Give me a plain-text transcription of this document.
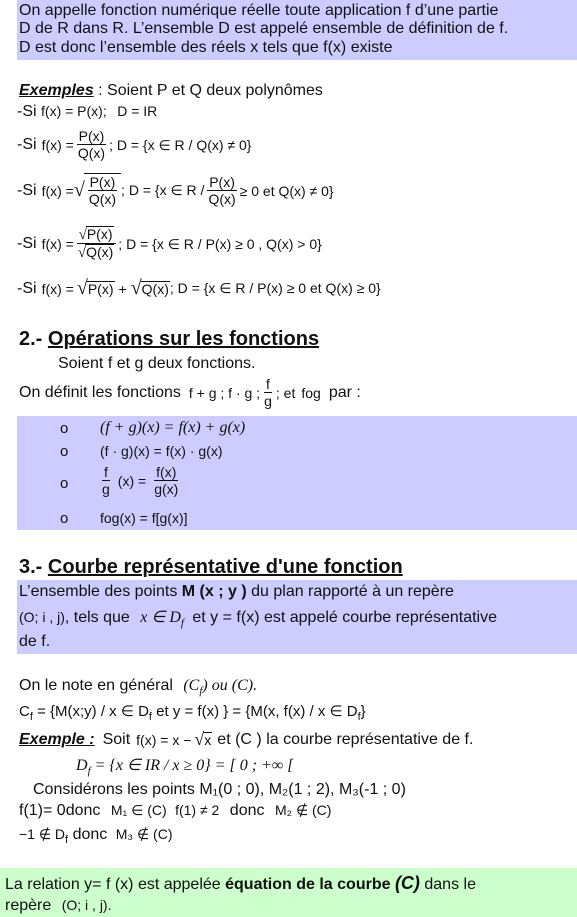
On appelle fonction numérique réelle toute application f d’une partie
D de R dans R. L’ensemble D est appelé ensemble de définition de f.
D est donc l’ensemble des réels x tels que f(x) existe
Exemples : Soient P et Q deux polynômes
-Si f(x) = P(x); D = IR
-Si $f(x) = \frac{P(x)}{Q(x)}$ ; D = {x ∈ R / Q(x) ≠ 0}
-Si f(x) = √ $\frac{P(x)}{Q(x)}$ ; D = {x ∈ $R / \frac{P(x)}{Q(x)} \ge 0$ et Q(x) ≠ 0}
-Si $f(x) = \frac{√P(x)}{√Q(x)}$ ; D = {x ∈ R / P(x) ≥ 0 , Q(x) > 0}
-Si f(x) = √ P(x) + √ Q(x) ; D = {x ∈ R / P(x) ≥ 0 et Q(x) ≥ 0}
2.- Opérations sur les fonctions
Soient f et g deux fonctions.
On définit les fonctions f + g ; f · g ; $\frac{f}{g}$ ; et fog par :
o (f + g)(x) = f(x) + g(x)
o (f · g)(x) = f(x) · g(x)
o $\frac{f}{g} (x) = \frac{f(x)}{g(x)}$
o fog(x) = f[g(x)]
3.- Courbe représentative d'une fonction
L’ensemble des points M (x ; y ) du plan rapporté à un repère
(O; i , j), tels que x ∈ $D_f$ et y = f(x) est appelé courbe représentative
de f.
On le note en général $(C_f)$ ou (C).
$C_f$ = {M(x;y) / x ∈ $D_f$ et y = f(x) } = {M(x, f(x) / x ∈ $D_f$}
Exemple : Soit f(x) = x − √ x et (C ) la courbe représentative de f.
$D_f = \{x$ ∈ IR / x ≥ 0} = [ 0 ; +∞ [
Considérons les points M₁(0 ; 0), M₂(1 ; 2), M₃(-1 ; 0)
f(1)= 0donc M₁ ∈ (C) f(1) ≠ 2 donc M₂ ∉ (C)
−1 ∉ $D_f$ donc M₃ ∉ (C)
La relation y= f (x) est appelée équation de la courbe (C) dans le
repère (O; i , j).
